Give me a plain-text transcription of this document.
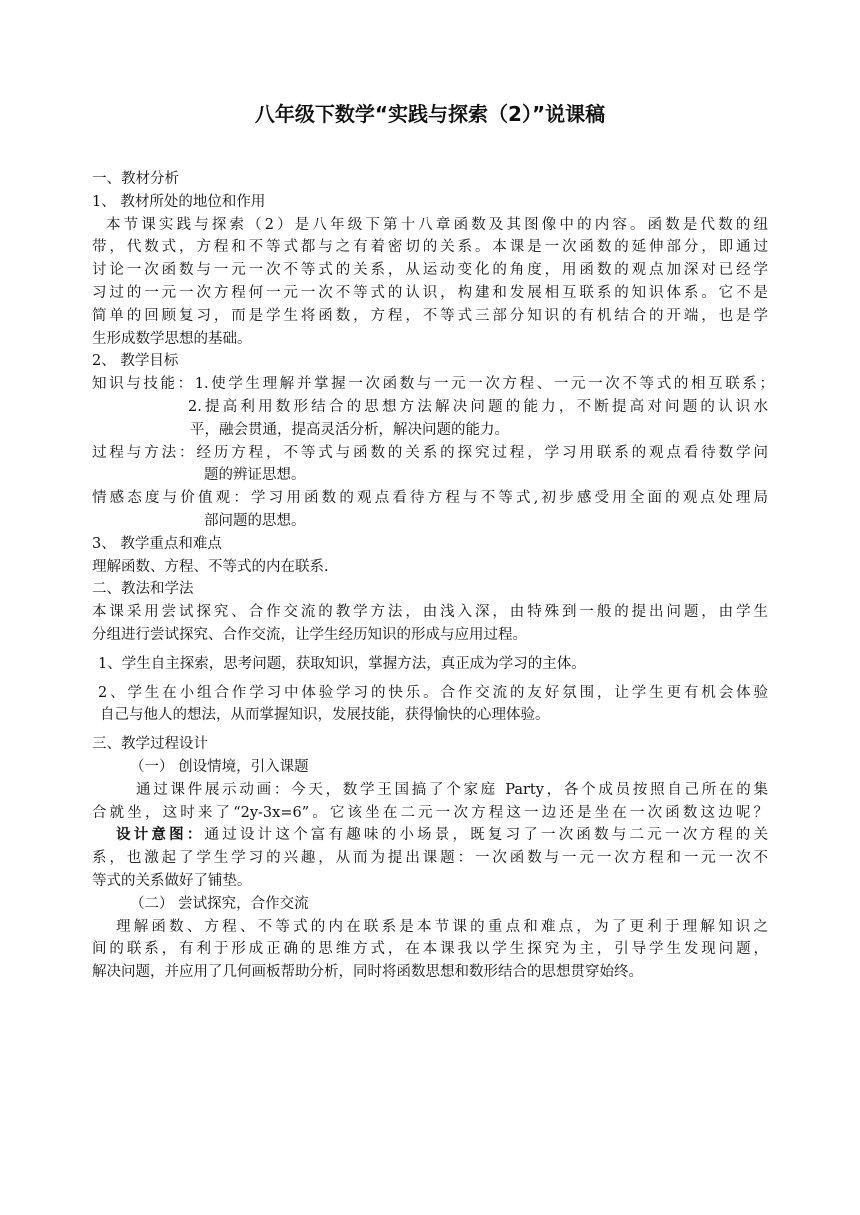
八年级下数学“实践与探索（2）”说课稿
一、教材分析
1、 教材所处的地位和作用
本节课实践与探索（2）是八年级下第十八章函数及其图像中的内容。函数是代数的纽
带，代数式，方程和不等式都与之有着密切的关系。本课是一次函数的延伸部分，即通过
讨论一次函数与一元一次不等式的关系，从运动变化的角度，用函数的观点加深对已经学
习过的一元一次方程何一元一次不等式的认识，构建和发展相互联系的知识体系。它不是
简单的回顾复习，而是学生将函数，方程，不等式三部分知识的有机结合的开端，也是学
生形成数学思想的基础。
2、 教学目标
知识与技能：1.使学生理解并掌握一次函数与一元一次方程、一元一次不等式的相互联系；
2.提高利用数形结合的思想方法解决问题的能力，不断提高对问题的认识水
平，融会贯通，提高灵活分析，解决问题的能力。
过程与方法：经历方程，不等式与函数的关系的探究过程，学习用联系的观点看待数学问
题的辨证思想。
情感态度与价值观：学习用函数的观点看待方程与不等式,初步感受用全面的观点处理局
部问题的思想。
3、 教学重点和难点
理解函数、方程、不等式的内在联系.
二、教法和学法
本课采用尝试探究、合作交流的教学方法，由浅入深，由特殊到一般的提出问题，由学生
分组进行尝试探究、合作交流，让学生经历知识的形成与应用过程。
1、学生自主探索，思考问题，获取知识，掌握方法，真正成为学习的主体。
2、学生在小组合作学习中体验学习的快乐。合作交流的友好氛围，让学生更有机会体验
自己与他人的想法，从而掌握知识，发展技能，获得愉快的心理体验。
三、教学过程设计
（一） 创设情境，引入课题
通过课件展示动画：今天，数学王国搞了个家庭 Party，各个成员按照自己所在的集
合就坐，这时来了“2y-3x=6”。它该坐在二元一次方程这一边还是坐在一次函数这边呢？
设计意图：通过设计这个富有趣味的小场景，既复习了一次函数与二元一次方程的关
系，也激起了学生学习的兴趣，从而为提出课题：一次函数与一元一次方程和一元一次不
等式的关系做好了铺垫。
（二） 尝试探究，合作交流
理解函数、方程、不等式的内在联系是本节课的重点和难点，为了更利于理解知识之
间的联系，有利于形成正确的思维方式，在本课我以学生探究为主，引导学生发现问题，
解决问题，并应用了几何画板帮助分析，同时将函数思想和数形结合的思想贯穿始终。
